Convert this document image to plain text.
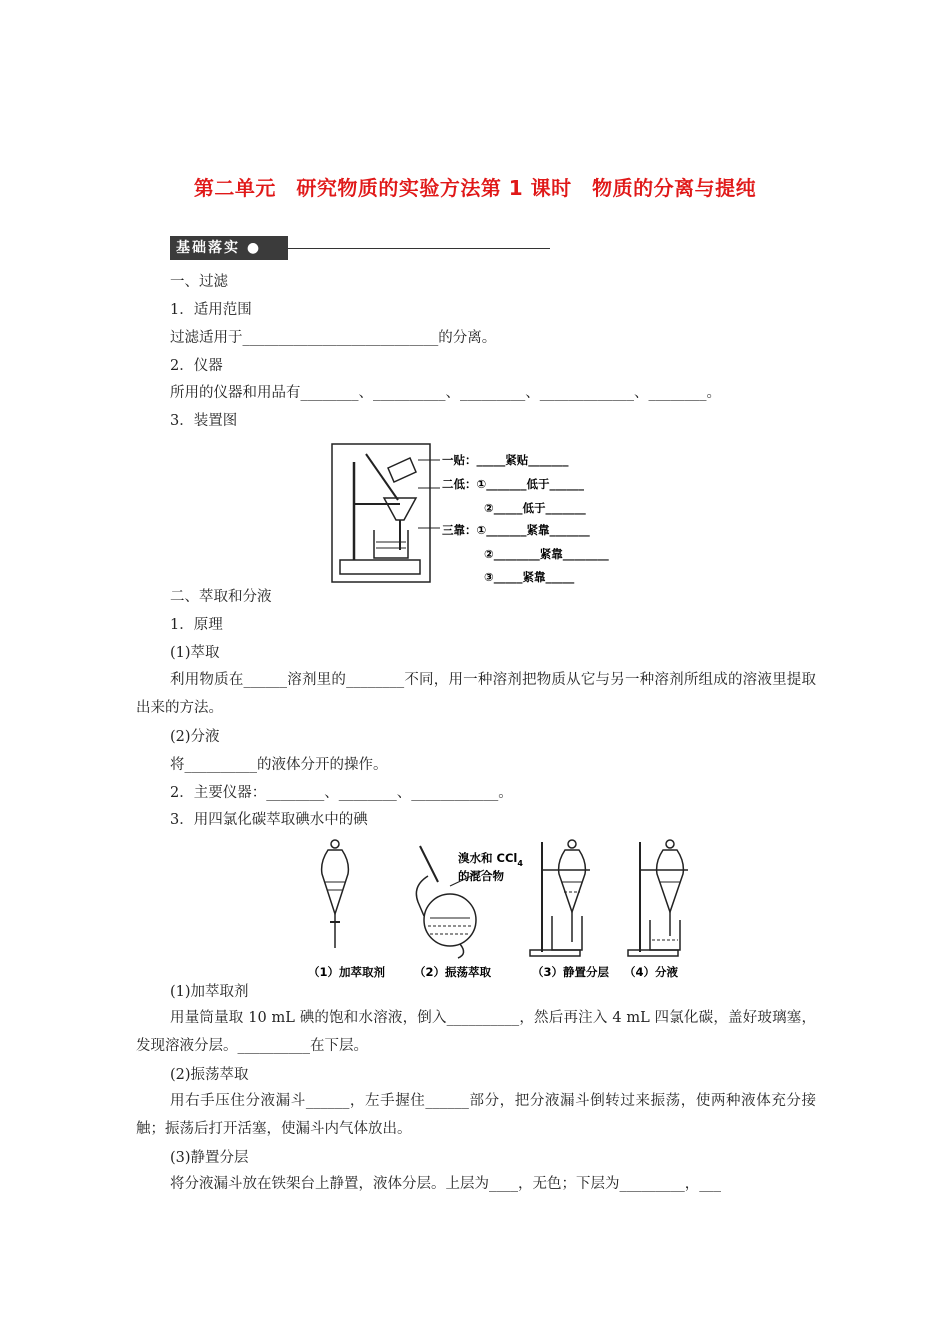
第二单元　研究物质的实验方法第 1 课时　物质的分离与提纯
基础落实 ●
一、过滤
1．适用范围
过滤适用于___________________________的分离。
2．仪器
所用的仪器和用品有________、__________、_________、_____________、________。
3．装置图
一贴：_____紧贴_______
二低：①_______低于______
②_____低于_______
三靠：①_______紧靠_______
②________紧靠________
③_____紧靠_____
二、萃取和分液
1．原理
(1)萃取
利用物质在______溶剂里的________不同，用一种溶剂把物质从它与另一种溶剂所组成的溶液里提取出来的方法。
(2)分液
将__________的液体分开的操作。
2．主要仪器：________、________、____________。
3．用四氯化碳萃取碘水中的碘
溴水和 CCl$_4$
的混合物
（1）加萃取剂	（2）振荡萃取	（3）静置分层 （4）分液
(1)加萃取剂
用量筒量取 10 mL 碘的饱和水溶液，倒入__________，然后再注入 4 mL 四氯化碳，盖好玻璃塞，发现溶液分层。__________在下层。
(2)振荡萃取
用右手压住分液漏斗______，左手握住______部分，把分液漏斗倒转过来振荡，使两种液体充分接触；振荡后打开活塞，使漏斗内气体放出。
(3)静置分层
将分液漏斗放在铁架台上静置，液体分层。上层为____，无色；下层为_________，___
